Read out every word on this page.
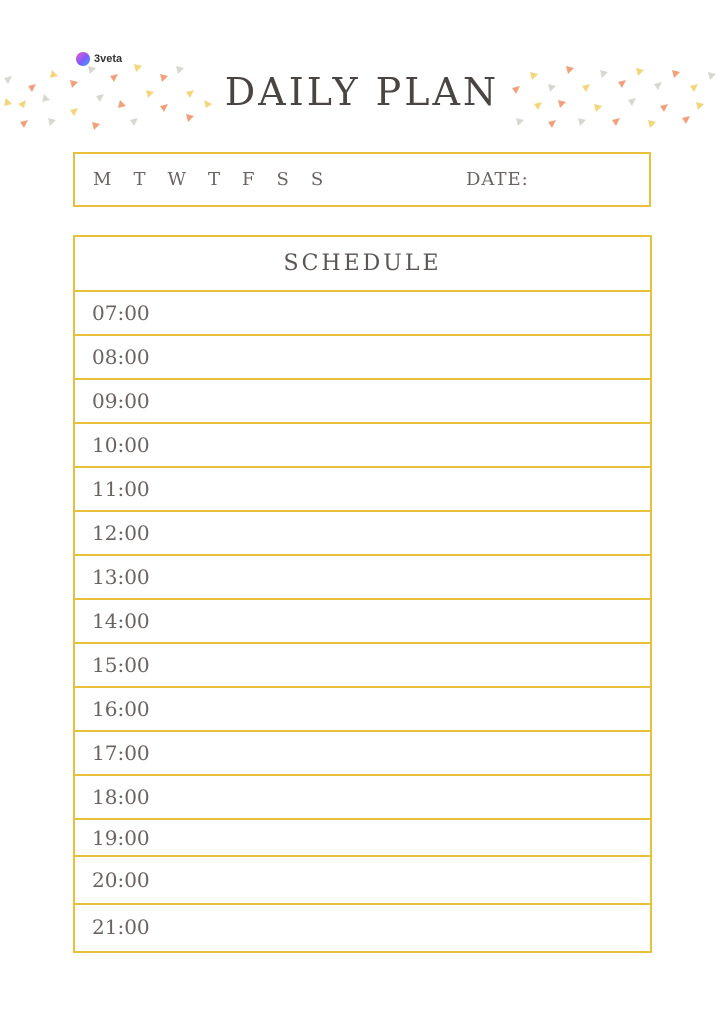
3veta
DAILY PLAN
M T W T F S S	DATE:
SCHEDULE
07:00
08:00
09:00
10:00
11:00
12:00
13:00
14:00
15:00
16:00
17:00
18:00
19:00
20:00
21:00
